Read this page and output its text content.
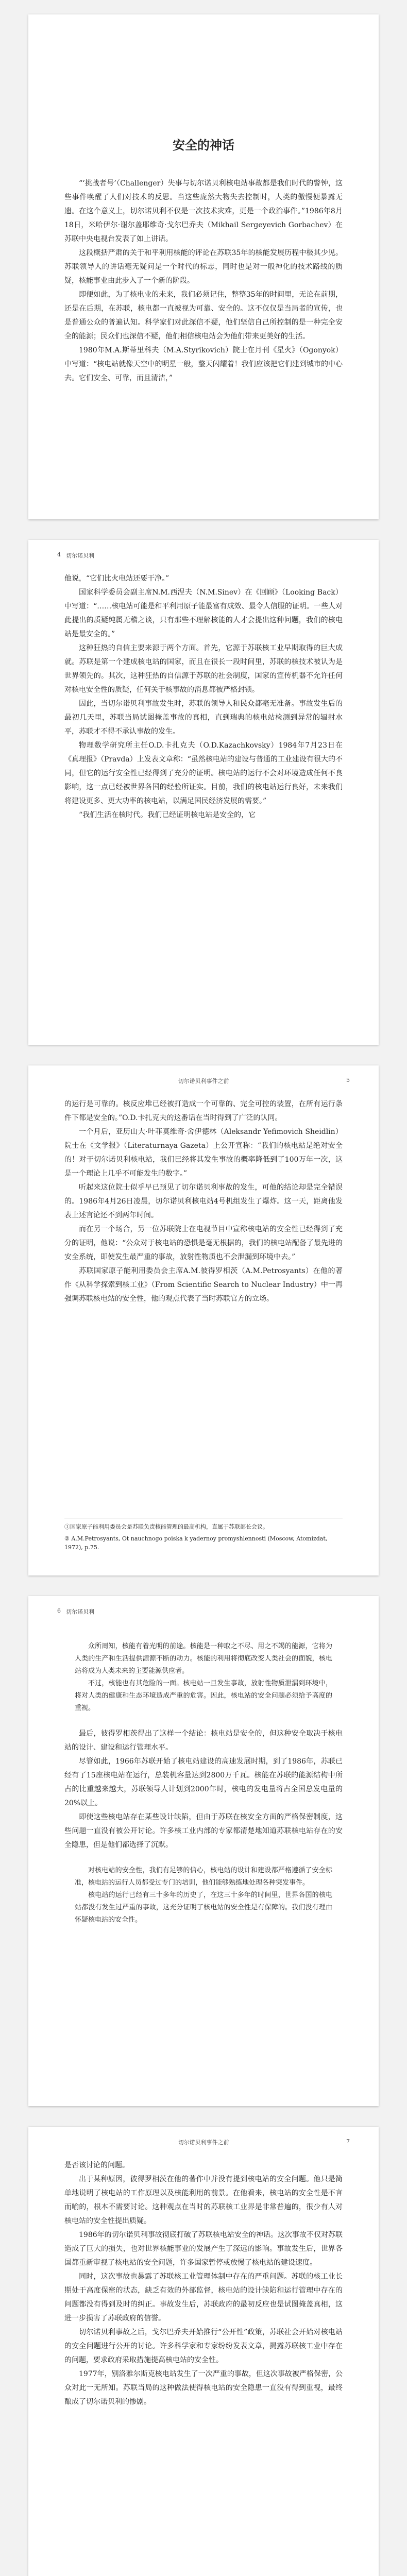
安全的神话

“‘挑战者号’（Challenger）失事与切尔诺贝利核电站事故都是我们时代的警钟，这些事件唤醒了人们对技术的反思。当这些庞然大物失去控制时，人类的傲慢便暴露无遗。在这个意义上，切尔诺贝利不仅是一次技术灾难，更是一个政治事件。”1986年8月18日，米哈伊尔·谢尔盖耶维奇·戈尔巴乔夫（Mikhail Sergeyevich Gorbachev）在苏联中央电视台发表了如上讲话。

这段概括严肃的关于和平利用核能的评论在苏联35年的核能发展历程中极其少见。苏联领导人的讲话毫无疑问是一个时代的标志，同时也是对一般神化的技术路线的质疑，核能事业由此步入了一个新的阶段。

即便如此，为了核电业的未来，我们必须记住，整整35年的时间里，无论在前期，还是在后期，在苏联，核电都一直被视为可靠、安全的。这不仅仅是当局者的宣传，也是普通公众的普遍认知。科学家们对此深信不疑，他们坚信自己所控制的是一种完全安全的能源；民众们也深信不疑，他们相信核电站会为他们带来更美好的生活。

1980年M.A.斯蒂里科夫（M.A.Styrikovich）院士在月刊《星火》（Ogonyok）中写道：“核电站就像天空中的明星一般，整天闪耀着！我们应该把它们建到城市的中心去。它们安全、可靠，而且清洁，”

4 切尔诺贝利

他说，“它们比火电站还要干净。”

国家科学委员会副主席N.M.西涅夫（N.M.Sinev）在《回顾》（Looking Back）中写道：“……核电站可能是和平利用原子能最富有成效、最令人信服的证明。一些人对此提出的质疑纯属无稽之谈，只有那些不理解核能的人才会提出这种问题，我们的核电站是最安全的。”

这种狂热的自信主要来源于两个方面。首先，它源于苏联核工业早期取得的巨大成就。苏联是第一个建成核电站的国家，而且在很长一段时间里，苏联的核技术被认为是世界领先的。其次，这种狂热的自信源于苏联的社会制度，国家的宣传机器不允许任何对核电安全性的质疑，任何关于核事故的消息都被严格封锁。

因此，当切尔诺贝利事故发生时，苏联的领导人和民众都毫无准备。事故发生后的最初几天里，苏联当局试图掩盖事故的真相，直到瑞典的核电站检测到异常的辐射水平，苏联才不得不承认事故的发生。

物理数学研究所主任O.D.卡扎克夫（O.D.Kazachkovsky）1984年7月23日在《真理报》（Pravda）上发表文章称：“虽然核电站的建设与普通的工业建设有很大的不同，但它的运行安全性已经得到了充分的证明。核电站的运行不会对环境造成任何不良影响，这一点已经被世界各国的经验所证实。目前，我们的核电站运行良好，未来我们将建设更多、更大功率的核电站，以满足国民经济发展的需要。”

“我们生活在核时代。我们已经证明核电站是安全的，它

切尔诺贝利事件之前	5

的运行是可靠的。核反应堆已经被打造成一个可靠的、完全可控的装置，在所有运行条件下都是安全的。”O.D.卡扎克夫的这番话在当时得到了广泛的认同。

一个月后，亚历山大·叶菲莫维奇·舍伊德林（Aleksandr Yefimovich Sheidlin）院士在《文学报》（Literaturnaya Gazeta）上公开宣称：“我们的核电站是绝对安全的！对于切尔诺贝利核电站，我们已经将其发生事故的概率降低到了100万年一次，这是一个理论上几乎不可能发生的数字。”

听起来这位院士似乎早已预见了切尔诺贝利事故的发生，可他的结论却是完全错误的。1986年4月26日凌晨，切尔诺贝利核电站4号机组发生了爆炸。这一天，距离他发表上述言论还不到两年时间。

而在另一个场合，另一位苏联院士在电视节目中宣称核电站的安全性已经得到了充分的证明，他说：“公众对于核电站的恐惧是毫无根据的，我们的核电站配备了最先进的安全系统，即使发生最严重的事故，放射性物质也不会泄漏到环境中去。”

苏联国家原子能利用委员会主席A.M.彼得罗相茨（A.M.Petrosyants）在他的著作《从科学探索到核工业》（From Scientific Search to Nuclear Industry）中一再强调苏联核电站的安全性，他的观点代表了当时苏联官方的立场。

①国家原子能利用委员会是苏联负责核能管理的最高机构，直属于苏联部长会议。
② A.M.Petrosyants, Ot nauchnogo poiska k yadernoy promyshlennosti (Moscow, Atomizdat, 1972), p.75.
6 切尔诺贝利

众所周知，核能有着光明的前途。核能是一种取之不尽、用之不竭的能源，它将为人类的生产和生活提供源源不断的动力。核能的利用将彻底改变人类社会的面貌，核电站将成为人类未来的主要能源供应者。

不过，核能也有其危险的一面。核电站一旦发生事故，放射性物质泄漏到环境中，将对人类的健康和生态环境造成严重的危害。因此，核电站的安全问题必须给予高度的重视。

最后，彼得罗相茨得出了这样一个结论：核电站是安全的，但这种安全取决于核电站的设计、建设和运行管理水平。

尽管如此，1966年苏联开始了核电站建设的高速发展时期，到了1986年，苏联已经有了15座核电站在运行，总装机容量达到2800万千瓦。核能在苏联的能源结构中所占的比重越来越大，苏联领导人计划到2000年时，核电的发电量将占全国总发电量的20%以上。

即使这些核电站存在某些设计缺陷，但由于苏联在核安全方面的严格保密制度，这些问题一直没有被公开讨论。许多核工业内部的专家都清楚地知道苏联核电站存在的安全隐患，但是他们都选择了沉默。

对核电站的安全性，我们有足够的信心，核电站的设计和建设都严格遵循了安全标准，核电站的运行人员都受过专门的培训，他们能够熟练地处理各种突发事件。

核电站的运行已经有三十多年的历史了，在这三十多年的时间里，世界各国的核电站都没有发生过严重的事故，这充分证明了核电站的安全性是有保障的。我们没有理由怀疑核电站的安全性。

切尔诺贝利事件之前	7

是否该讨论的问题。

出于某种原因，彼得罗相茨在他的著作中并没有提到核电站的安全问题。他只是简单地说明了核电站的工作原理以及核能利用的前景。在他看来，核电站的安全性是不言而喻的，根本不需要讨论。这种观点在当时的苏联核工业界是非常普遍的，很少有人对核电站的安全性提出质疑。

1986年的切尔诺贝利事故彻底打破了苏联核电站安全的神话。这次事故不仅对苏联造成了巨大的损失，也对世界核能事业的发展产生了深远的影响。事故发生后，世界各国都重新审视了核电站的安全问题，许多国家暂停或放慢了核电站的建设速度。

同时，这次事故也暴露了苏联核工业管理体制中存在的严重问题。苏联的核工业长期处于高度保密的状态，缺乏有效的外部监督，核电站的设计缺陷和运行管理中存在的问题都没有得到及时的纠正。事故发生后，苏联政府的最初反应也是试图掩盖真相，这进一步损害了苏联政府的信誉。

切尔诺贝利事故之后，戈尔巴乔夫开始推行“公开性”政策，苏联社会开始对核电站的安全问题进行公开的讨论。许多科学家和专家纷纷发表文章，揭露苏联核工业中存在的问题，要求政府采取措施提高核电站的安全性。

1977年，别洛雅尔斯克核电站发生了一次严重的事故，但这次事故被严格保密，公众对此一无所知。苏联当局的这种做法使得核电站的安全隐患一直没有得到重视，最终酿成了切尔诺贝利的惨剧。
